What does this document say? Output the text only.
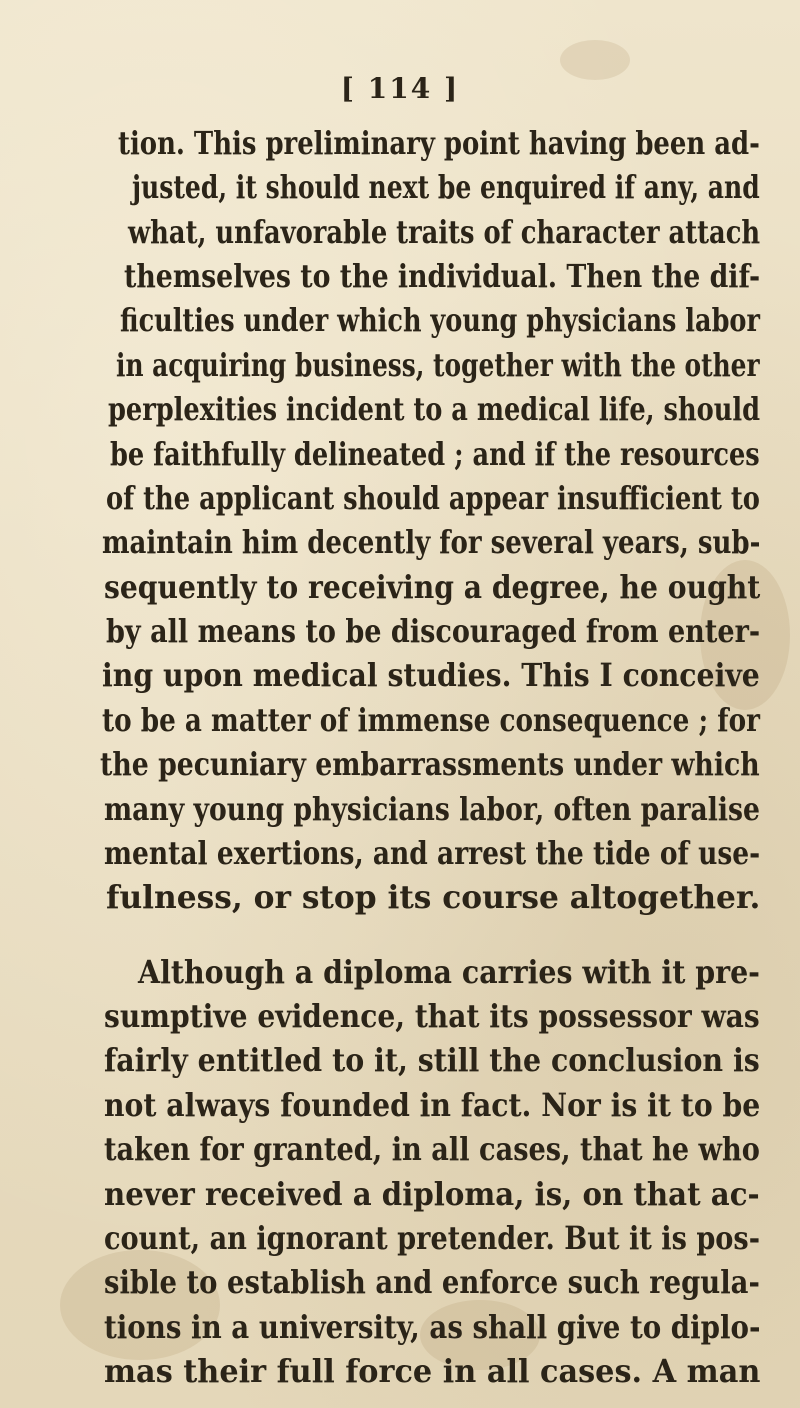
[ 114 ]
tion. This preliminary point having been ad-
justed, it should next be enquired if any, and
what, unfavorable traits of character attach
themselves to the individual. Then the dif-
ficulties under which young physicians labor
in acquiring business, together with the other
perplexities incident to a medical life, should
be faithfully delineated ; and if the resources
of the applicant should appear insufficient to
maintain him decently for several years, sub-
sequently to receiving a degree, he ought
by all means to be discouraged from enter-
ing upon medical studies. This I conceive
to be a matter of immense consequence ; for
the pecuniary embarrassments under which
many young physicians labor, often paralise
mental exertions, and arrest the tide of use-
fulness, or stop its course altogether.
Although a diploma carries with it pre-
sumptive evidence, that its possessor was
fairly entitled to it, still the conclusion is
not always founded in fact. Nor is it to be
taken for granted, in all cases, that he who
never received a diploma, is, on that ac-
count, an ignorant pretender. But it is pos-
sible to establish and enforce such regula-
tions in a university, as shall give to diplo-
mas their full force in all cases. A man
